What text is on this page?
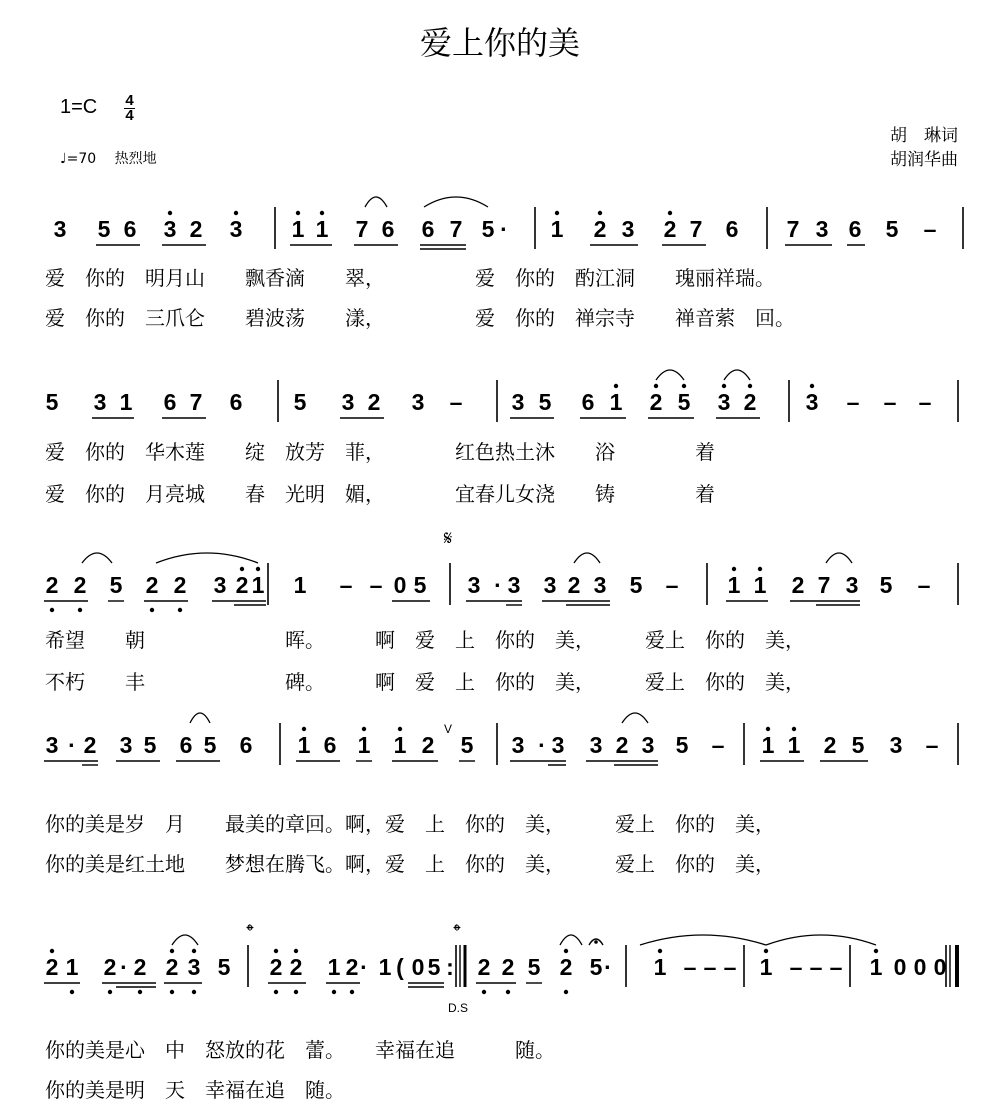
爱上你的美
1=C 4
4
♩=70　 热烈地
胡　琳词
胡润华曲
3 5 6 3 2 3 1 1 7 6 6 7 5 · 1 2 3 2 7 6 7 3 6 5 –
5 3 1 6 7 6 5 3 2 3 – 3 5 6 1 2 5 3 2 3 – – –
2 2 5 2 2 3 2 1 1 – – 0 5 3 · 3 3 2 3 5 – 1 1 2 7 3 5 –
3 · 2 3 5 6 5 6 1 6 1 1 2 5 3 · 3 3 2 3 5 – 1 1 2 5 3 –
V
2 1 2 · 2 2 3 5 2 2 1 2 · 1 ( 0 5 : 2 2 5 2 5 · 1 – – – 1 – – – 1 0 0 0
𝄋
𝄌	𝄌
D.S
爱　你的　明月山　　飘香滴　　翠，　　　　　爱　你的　酌江洞　　瑰丽祥瑞。
爱　你的　三爪仑　　碧波荡　　漾，　　　　　爱　你的　禅宗寺　　禅音萦　回。
爱　你的　华木莲　　绽　放芳　菲，　　　　红色热土沐　　浴　　　　着
爱　你的　月亮城　　春　光明　媚，　　　　宜春儿女浇　　铸　　　　着
希望　　朝　　　　　　　晖。　　　啊　爱　上　你的　美，　　　爱上　你的　美，
不朽　　丰　　　　　　　碑。　　　啊　爱　上　你的　美，　　　爱上　你的　美，
你的美是岁　月　　最美的章回。啊，爱　上　你的　美，　　　爱上　你的　美，
你的美是红土地　　梦想在腾飞。啊，爱　上　你的　美，　　　爱上　你的　美，
你的美是心　中　怒放的花　蕾。　　幸福在追　　　随。
你的美是明　天　幸福在追　随。
